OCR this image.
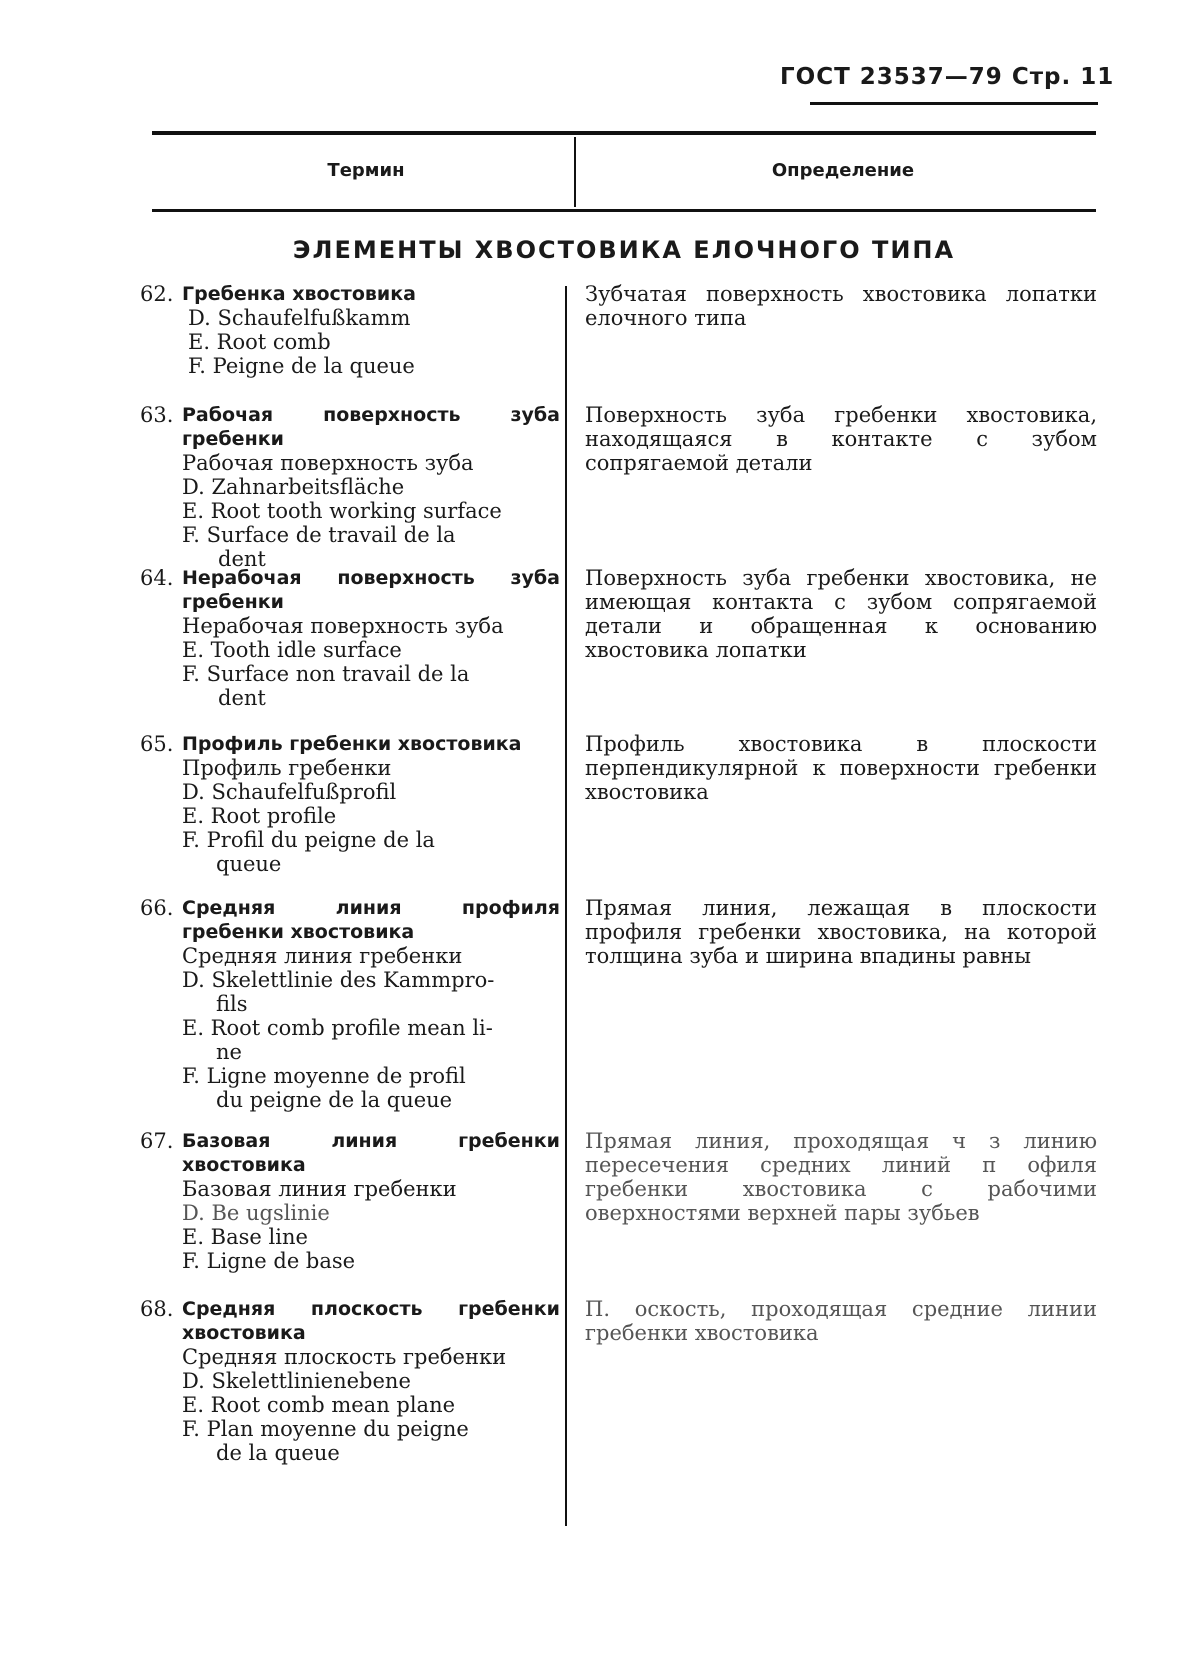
ГОСТ 23537—79 Стр. 11
Термин	Определение
ЭЛЕМЕНТЫ ХВОСТОВИКА ЕЛОЧНОГО ТИПА
62. Гребенка хвостовика
D. Schaufelfußkamm
E. Root comb
F. Peigne de la queue
Зубчатая поверхность хвостовика лопатки елочного типа
63. Рабочая поверхность зуба гребенки
Рабочая поверхность зуба
D. Zahnarbeitsfläche
E. Root tooth working surface
F. Surface de travail de la
dent
Поверхность зуба гребенки хвостовика, находящаяся в контакте с зубом сопрягаемой детали
64. Нерабочая поверхность зуба гребенки
Нерабочая поверхность зуба
E. Tooth idle surface
F. Surface non travail de la
dent
Поверхность зуба гребенки хвостовика, не имеющая контакта с зубом сопрягаемой детали и обращенная к основанию хвостовика лопатки
65. Профиль гребенки хвостовика
Профиль гребенки
D. Schaufelfußprofil
E. Root profile
F. Profil du peigne de la
queue
Профиль хвостовика в плоскости перпендикулярной к поверхности гребенки хвостовика
66. Средняя линия профиля гребенки хвостовика
Средняя линия гребенки
D. Skelettlinie des Kammpro-
fils
E. Root comb profile mean li-
ne
F. Ligne moyenne de profil
du peigne de la queue
Прямая линия, лежащая в плоскости профиля гребенки хвостовика, на которой толщина зуба и ширина впадины равны
67. Базовая линия гребенки хвостовика
Базовая линия гребенки
D. Be ugslinie
E. Base line
F. Ligne de base
Прямая линия, проходящая ч з линию пересечения средних линий п офиля гребенки хвостовика с рабочими оверхностями верхней пары зубьев
68. Средняя плоскость гребенки хвостовика
Средняя плоскость гребенки
D. Skelettlinienebene
E. Root comb mean plane
F. Plan moyenne du peigne
de la queue
П. оскость, проходящая средние линии гребенки хвостовика
